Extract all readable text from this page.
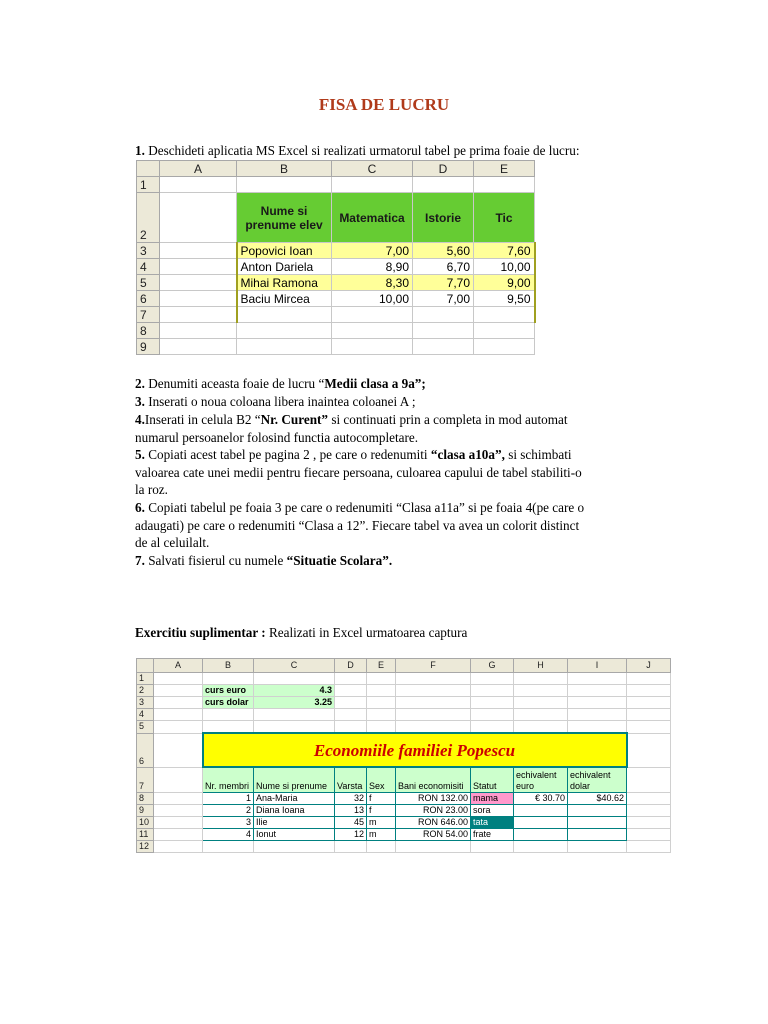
FISA DE LUCRU
1. Deschideti aplicatia MS Excel si realizati urmatorul tabel pe prima foaie de lucru:
	A	B	C	D	E
1					
2		Nume si prenume elev	Matematica	Istorie	Tic
3		Popovici Ioan	7,00	5,60	7,60
4		Anton Dariela	8,90	6,70	10,00
5		Mihai Ramona	8,30	7,70	9,00
6		Baciu Mircea	10,00	7,00	9,50
7					
8					
9					
2. Denumiti aceasta foaie de lucru “Medii clasa a 9a”;
3. Inserati o noua coloana libera inaintea coloanei A ;
4.Inserati in celula B2 “Nr. Curent” si continuati prin a completa in mod automat
numarul persoanelor folosind functia autocompletare.
5. Copiati acest tabel pe pagina 2 , pe care o redenumiti “clasa a10a”, si schimbati
valoarea cate unei medii pentru fiecare persoana, culoarea capului de tabel stabiliti-o
la roz.
6. Copiati tabelul pe foaia 3 pe care o redenumiti “Clasa a11a” si pe foaia 4(pe care o
adaugati) pe care o redenumiti “Clasa a 12”. Fiecare tabel va avea un colorit distinct
de al celuilalt.
7. Salvati fisierul cu numele “Situatie Scolara”.
Exercitiu suplimentar : Realizati in Excel urmatoarea captura
	A	B	C	D	E	F	G	H	I	J
1										
2		curs euro	4.3							
3		curs dolar	3.25							
4										
5										
6		Economiile familiei Popescu								
7		Nr. membri	Nume si prenume	Varsta	Sex	Bani economisiti	Statut	echivalent euro	echivalent dolar	
8		1	Ana-Maria	32	f	RON 132.00	mama	€ 30.70	$40.62	
9		2	Diana Ioana	13	f	RON 23.00	sora			
10		3	Ilie	45	m	RON 646.00	tata			
11		4	Ionut	12	m	RON 54.00	frate			
12										
